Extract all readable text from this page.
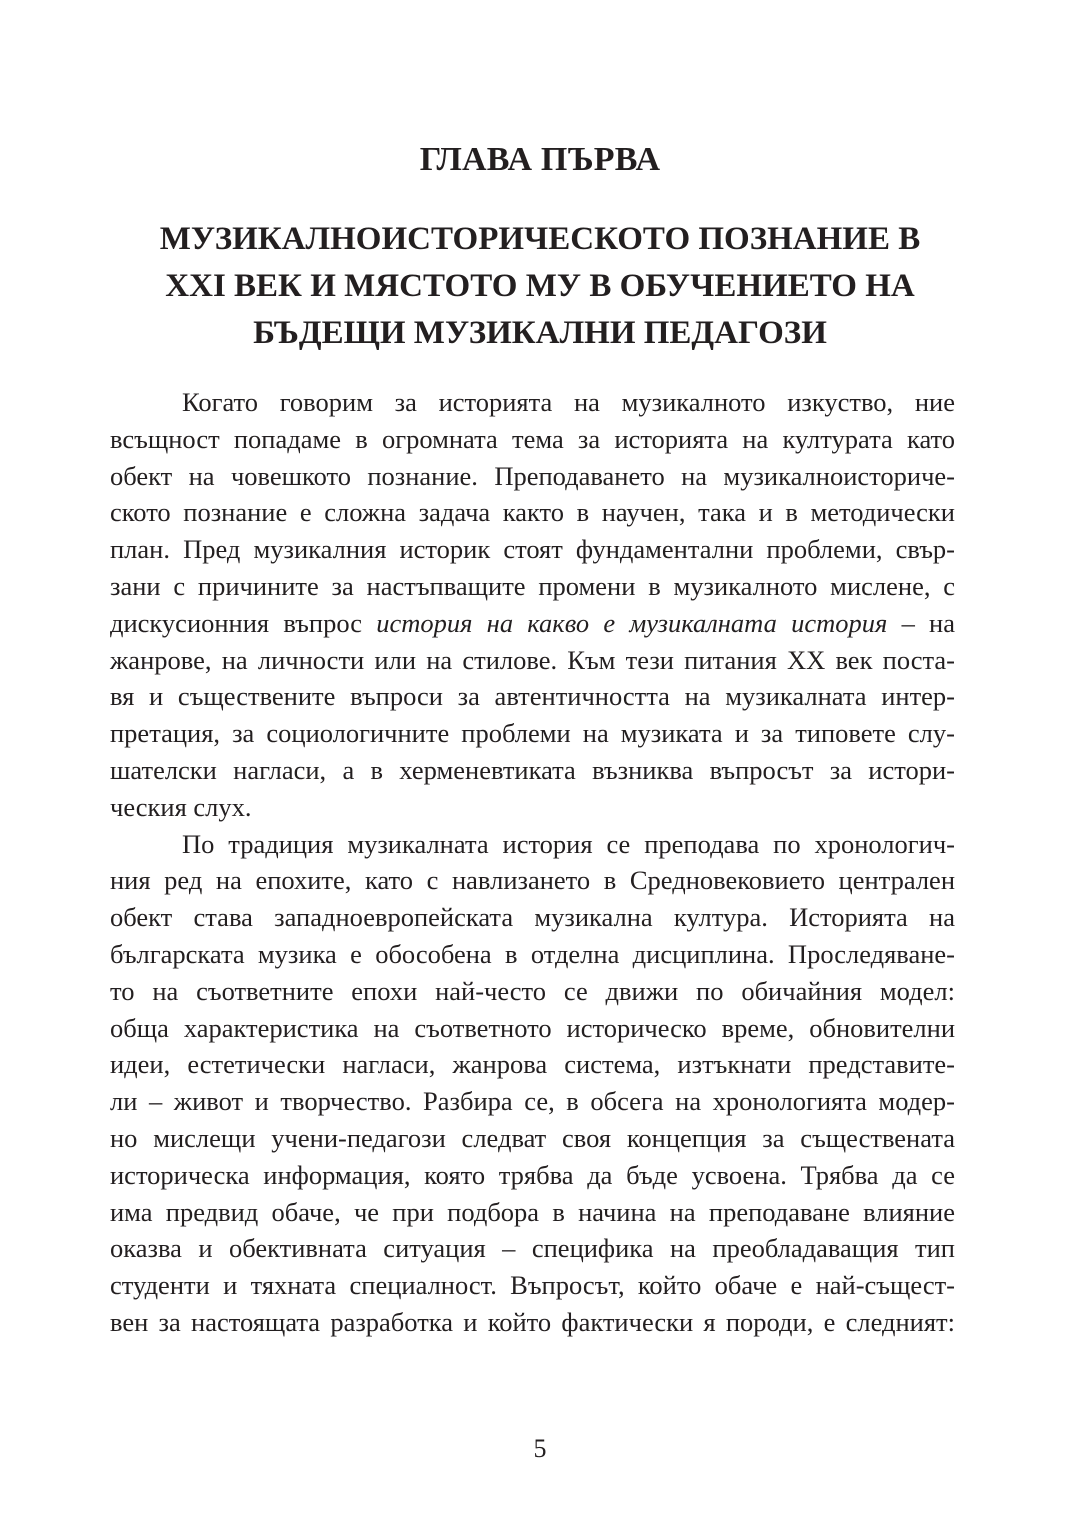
ГЛАВА ПЪРВА
МУЗИКАЛНОИСТОРИЧЕСКОТО ПОЗНАНИЕ В
XXI ВЕК И МЯСТОТО МУ В ОБУЧЕНИЕТО НА
БЪДЕЩИ МУЗИКАЛНИ ПЕДАГОЗИ
Когато говорим за историята на музикалното изкуство, ние
всъщност попадаме в огромната тема за историята на културата като
обект на човешкото познание. Преподаването на музикалноисториче-
ското познание е сложна задача както в научен, така и в методически
план. Пред музикалния историк стоят фундаментални проблеми, свър-
зани с причините за настъпващите промени в музикалното мислене, с
дискусионния въпрос история на какво е музикалната история – на
жанрове, на личности или на стилове. Към тези питания XX век поста-
вя и съществените въпроси за автентичността на музикалната интер-
претация, за социологичните проблеми на музиката и за типовете слу-
шателски нагласи, а в херменевтиката възниква въпросът за истори-
ческия слух.
По традиция музикалната история се преподава по хронологич-
ния ред на епохите, като с навлизането в Средновековието централен
обект става западноевропейската музикална култура. Историята на
българската музика е обособена в отделна дисциплина. Проследяване-
то на съответните епохи най-често се движи по обичайния модел:
обща характеристика на съответното историческо време, обновителни
идеи, естетически нагласи, жанрова система, изтъкнати представите-
ли – живот и творчество. Разбира се, в обсега на хронологията модер-
но мислещи учени-педагози следват своя концепция за съществената
историческа информация, която трябва да бъде усвоена. Трябва да се
има предвид обаче, че при подбора в начина на преподаване влияние
оказва и обективната ситуация – специфика на преобладаващия тип
студенти и тяхната специалност. Въпросът, който обаче е най-същест-
вен за настоящата разработка и който фактически я породи, е следният:
5
